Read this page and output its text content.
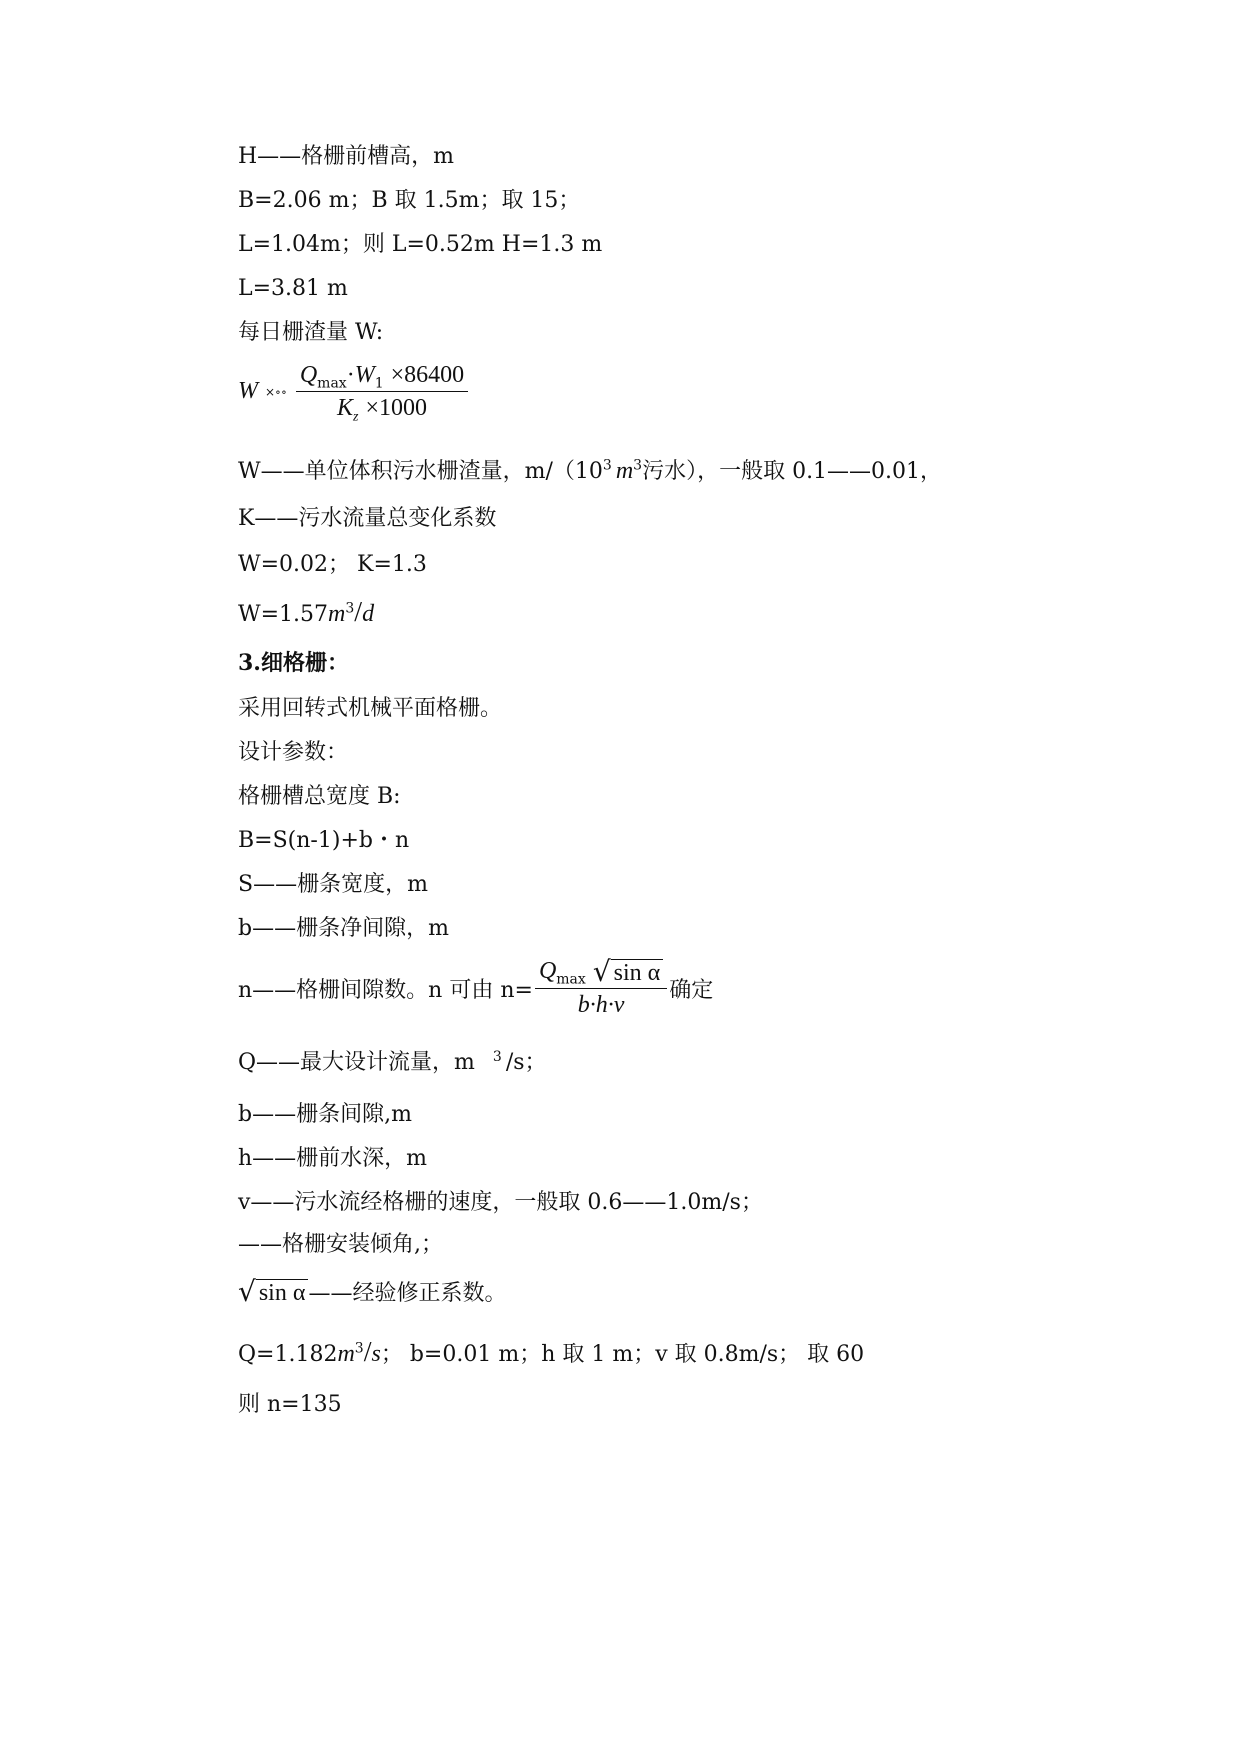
H——格栅前槽高，m
B=2.06 m；B 取 1.5m；取 15；
L=1.04m；则 L=0.52m H=1.3 m
L=3.81 m
每日栅渣量 W:
W ×∘∘ $\frac{Q_{max}\cdot W_1 \times 86400}{K_z \times 1000}$
W——单位体积污水栅渣量，$m/(10^3$ $m^3$污水），一般取 0.1——0.01，
K——污水流量总变化系数
W=0.02； K=1.3
$W=1.57m^3/d$
3.细格栅：
采用回转式机械平面格栅。
设计参数：
格栅槽总宽度 B:
B=S(n-1)+b・n
S——栅条宽度，m
b——栅条净间隙，m
n——格栅间隙数。n 可由 $n= \frac{Q_{max} √ \sin \alpha}{b\cdot h\cdot v}$ 确定
Q——最大设计流量，m $^3$ /s；
b——栅条间隙,m
h——栅前水深，m
v——污水流经格栅的速度，一般取 0.6——1.0m/s；
——格栅安装倾角,；
√ sin α ——经验修正系数。
$Q=1.182m^3/s$； b=0.01 m；h 取 1 m；v 取 0.8m/s； 取 60
则 n=135
